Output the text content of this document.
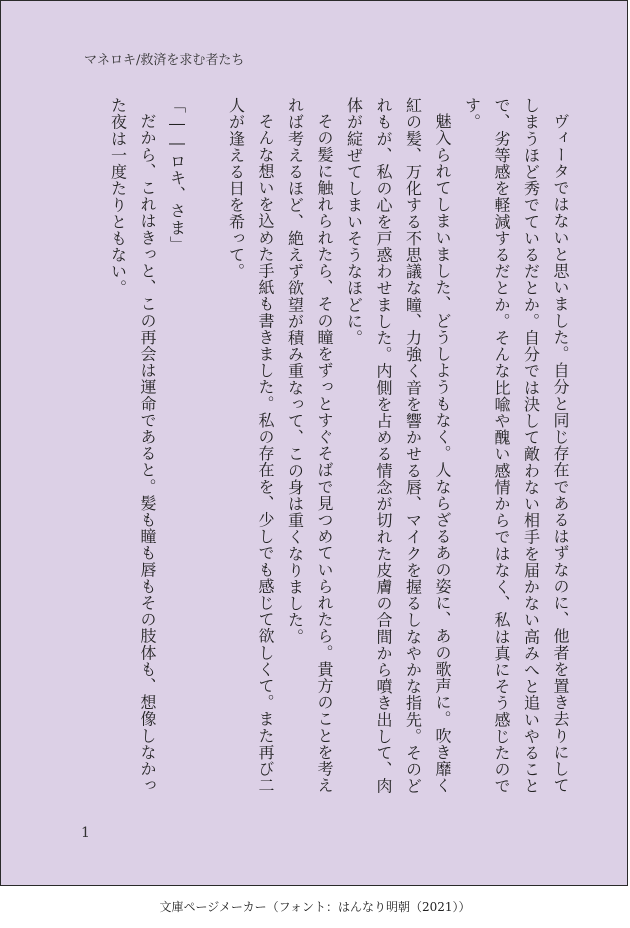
マネロキ/救済を求む者たち

ヴィータではないと思いました。自分と同じ存在であるはずなのに、他者を置き去りにしてしまうほど秀でているだとか。自分では決して敵わない相手を届かない高みへと追いやることで、劣等感を軽減するだとか。そんな比喩や醜い感情からではなく、私は真にそう感じたのです。

魅入られてしまいました、どうしようもなく。人ならざるあの姿に、あの歌声に。吹き靡く紅の髪、万化する不思議な瞳、力強く音を響かせる唇、マイクを握るしなやかな指先。そのどれもが、私の心を戸惑わせました。内側を占める情念が切れた皮膚の合間から噴き出して、肉体が綻ぜてしまいそうなほどに。

その髪に触れられたら、その瞳をずっとすぐそばで見つめていられたら。貴方のことを考えれば考えるほど、絶えず欲望が積み重なって、この身は重くなりました。

そんな想いを込めた手紙も書きました。私の存在を、少しでも感じて欲しくて。また再び二人が逢える日を希って。

「――ロキ、さま」

だから、これはきっと、この再会は運命であると。髪も瞳も唇もその肢体も、想像しなかった夜は一度たりともない。

1
文庫ページメーカー（フォント：はんなり明朝（2021））
